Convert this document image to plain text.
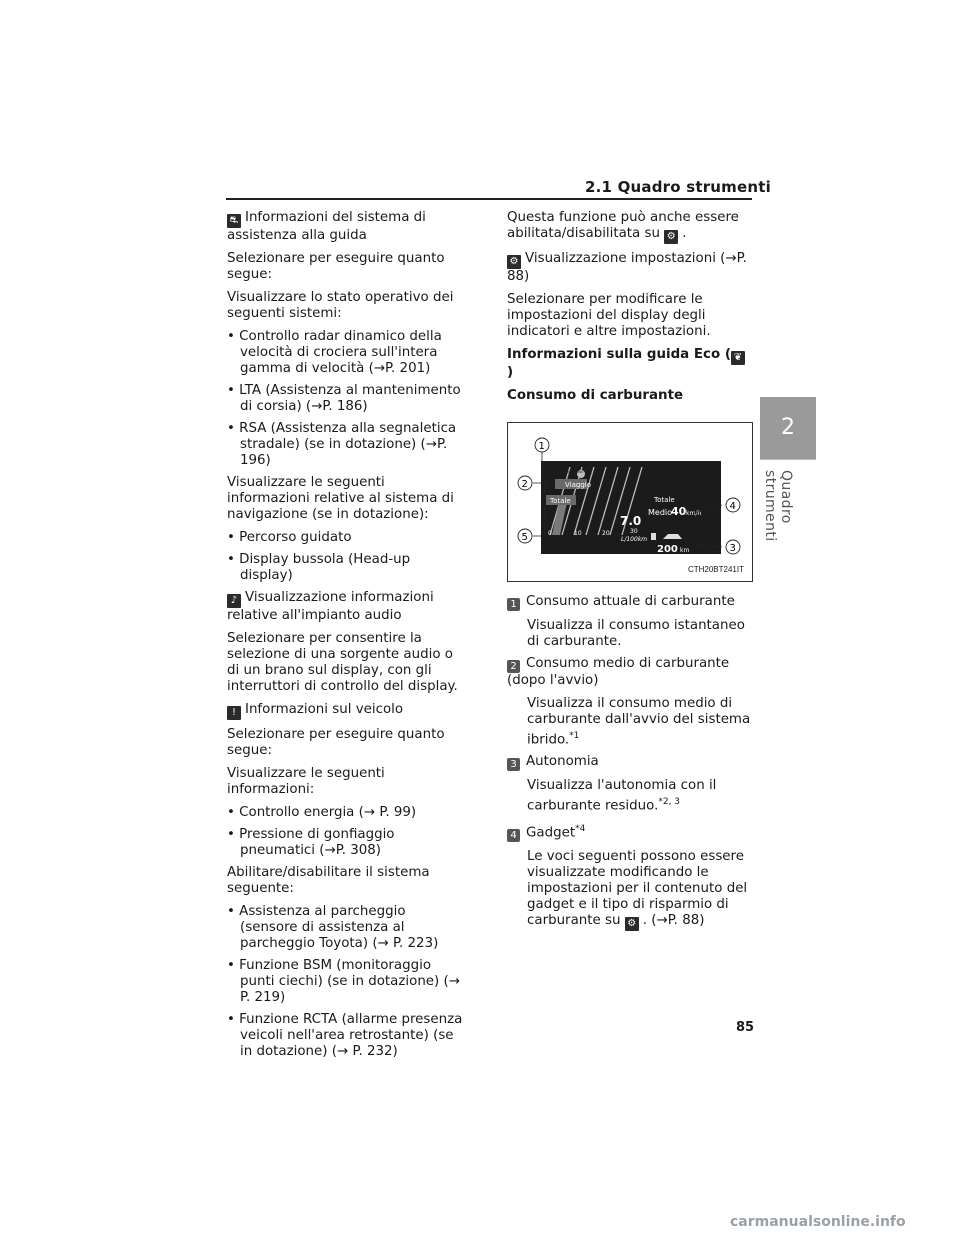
2.1 Quadro strumenti
2
Quadro strumenti

⛐ Informazioni del sistema di assistenza alla guida

Selezionare per eseguire quanto segue:

Visualizzare lo stato operativo dei seguenti sistemi:

• Controllo radar dinamico della velocità di crociera sull'intera gamma di velocità (→P. 201)

• LTA (Assistenza al mantenimento di corsia) (→P. 186)

• RSA (Assistenza alla segnaletica stradale) (se in dotazione) (→P. 196)

Visualizzare le seguenti informazioni relative al sistema di navigazione (se in dotazione):

• Percorso guidato

• Display bussola (Head-up display)

♪ Visualizzazione informazioni relative all'impianto audio

Selezionare per consentire la selezione di una sorgente audio o di un brano sul display, con gli interruttori di controllo del display.

! Informazioni sul veicolo

Selezionare per eseguire quanto segue:

Visualizzare le seguenti informazioni:

• Controllo energia (→ P. 99)

• Pressione di gonfiaggio pneumatici (→P. 308)

Abilitare/disabilitare il sistema seguente:

• Assistenza al parcheggio (sensore di assistenza al parcheggio Toyota) (→ P. 223)

• Funzione BSM (monitoraggio punti ciechi) (se in dotazione) (→ P. 219)

• Funzione RCTA (allarme presenza veicoli nell'area retrostante) (se in dotazione) (→ P. 232)

Questa funzione può anche essere abilitata/disabilitata su ⚙ .

⚙ Visualizzazione impostazioni (→P. 88)

Selezionare per modificare le impostazioni del display degli indicatori e altre impostazioni.

Informazioni sulla guida Eco ( ❦)

Consumo di carburante

Viaggio
Totale	Totale
Medio
40 km/h
7.0
0	10	20	30
L/100km
200 km
1
2
3
4
5
CTH20BT241IT

1 Consumo attuale di carburante

Visualizza il consumo istantaneo di carburante.

2 Consumo medio di carburante (dopo l'avvio)

Visualizza il consumo medio di carburante dall'avvio del sistema ibrido.$^{*1}$

3 Autonomia

Visualizza l'autonomia con il carburante residuo.$^{*2, 3}$

4 Gadget$^{*4}$

Le voci seguenti possono essere visualizzate modificando le impostazioni per il contenuto del gadget e il tipo di risparmio di carburante su ⚙ . (→P. 88)

85
carmanualsonline.info
